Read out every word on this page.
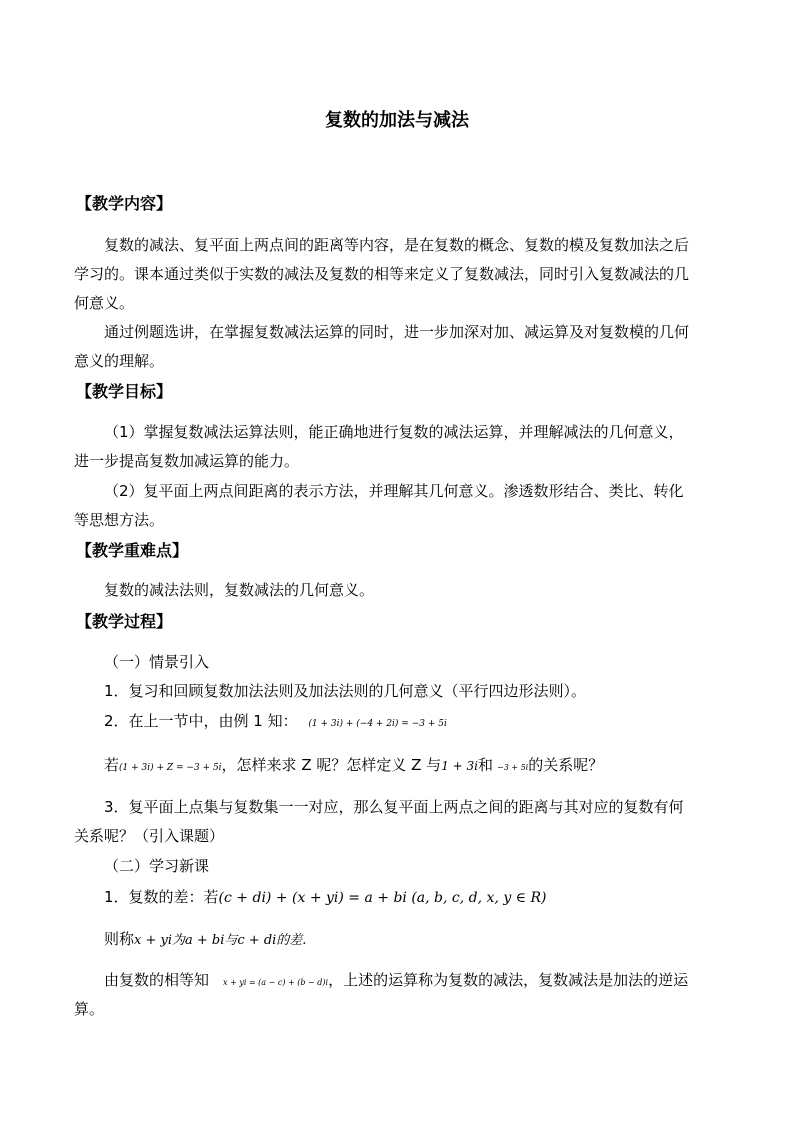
复数的加法与减法
【教学内容】
复数的减法、复平面上两点间的距离等内容，是在复数的概念、复数的模及复数加法之后
学习的。课本通过类似于实数的减法及复数的相等来定义了复数减法，同时引入复数减法的几
何意义。
通过例题选讲，在掌握复数减法运算的同时，进一步加深对加、减运算及对复数模的几何
意义的理解。
【教学目标】
（1）掌握复数减法运算法则，能正确地进行复数的减法运算，并理解减法的几何意义，
进一步提高复数加减运算的能力。
（2）复平面上两点间距离的表示方法，并理解其几何意义。渗透数形结合、类比、转化
等思想方法。
【教学重难点】
复数的减法法则，复数减法的几何意义。
【教学过程】
（一）情景引入
1．复习和回顾复数加法法则及加法法则的几何意义（平行四边形法则）。
2．在上一节中，由例 1 知： (1 + 3i) + (−4 + 2i) = −3 + 5i
若(1 + 3i) + Z = −3 + 5i，怎样来求 Z 呢？怎样定义 Z 与1 + 3i和 −3 + 5i的关系呢？
3．复平面上点集与复数集一一对应，那么复平面上两点之间的距离与其对应的复数有何
关系呢？（引入课题）
（二）学习新课
1．复数的差：若(c + di) + (x + yi) = a + bi (a, b, c, d, x, y ∈ R)
则称x + yi为a + bi与c + di的差.
由复数的相等知 x + yi = (a − c) + (b − d)i，上述的运算称为复数的减法，复数减法是加法的逆运
算。
